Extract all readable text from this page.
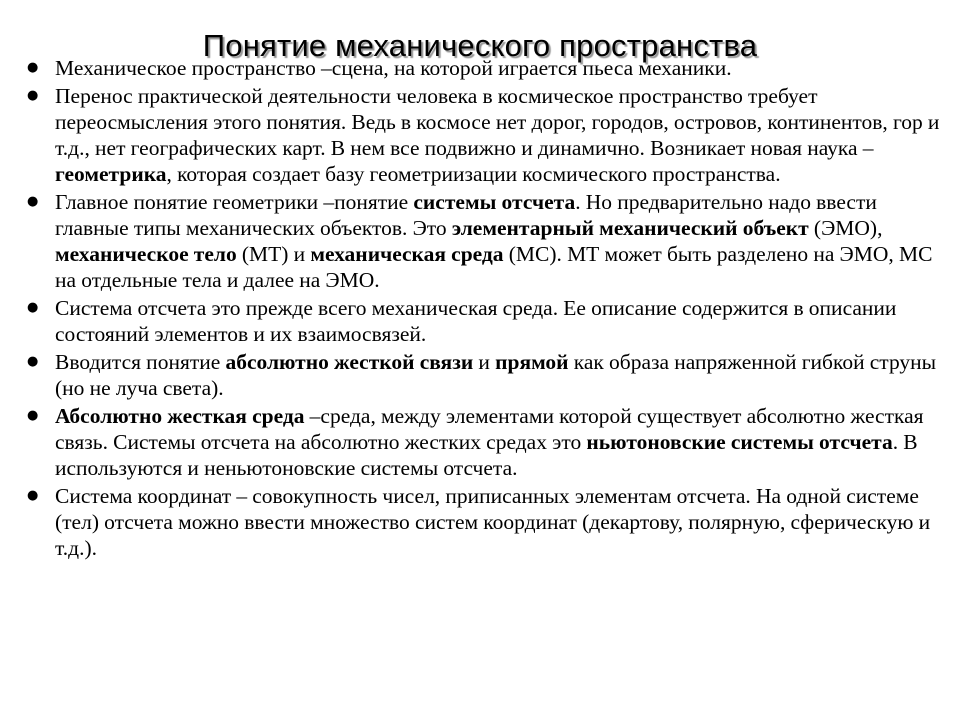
Понятие механического пространства
● Механическое пространство –сцена, на которой играется пьеса механики.
● Перенос практической деятельности человека в космическое пространство требует переосмысления этого понятия. Ведь в космосе нет дорог, городов, островов, континентов, гор и т.д., нет географических карт. В нем все подвижно и динамично. Возникает новая наука – геометрика, которая создает базу геометриизации космического пространства.
● Главное понятие геометрики –понятие системы отсчета. Но предварительно надо ввести главные типы механических объектов. Это элементарный механический объект (ЭМО), механическое тело (МТ) и механическая среда (МС). МТ может быть разделено на ЭМО, МС на отдельные тела и далее на ЭМО.
● Система отсчета это прежде всего механическая среда. Ее описание содержится в описании состояний элементов и их взаимосвязей.
● Вводится понятие абсолютно жесткой связи и прямой как образа напряженной гибкой струны (но не луча света).
● Абсолютно жесткая среда –среда, между элементами которой существует абсолютно жесткая связь. Системы отсчета на абсолютно жестких средах это ньютоновские системы отсчета. В используются и неньютоновские системы отсчета.
● Система координат – совокупность чисел, приписанных элементам отсчета. На одной системе (тел) отсчета можно ввести множество систем координат (декартову, полярную, сферическую и т.д.).
